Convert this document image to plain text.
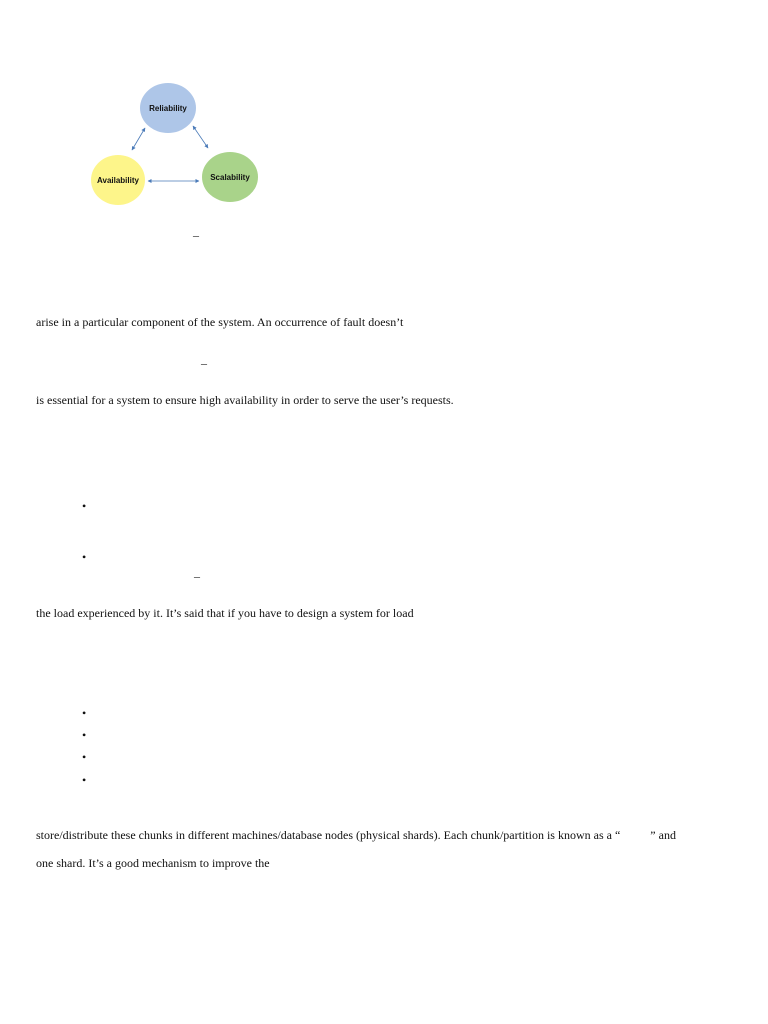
Reliability
Availability	Scalability
–
arise in a particular component of the system. An occurrence of fault doesn’t
–
is essential for a system to ensure high availability in order to serve the user’s requests.
•
•
–
the load experienced by it. It’s said that if you have to design a system for load
•
•
•
•
store/distribute these chunks in different machines/database nodes (physical shards). Each chunk/partition is known as a “          ” and
one shard. It’s a good mechanism to improve the
